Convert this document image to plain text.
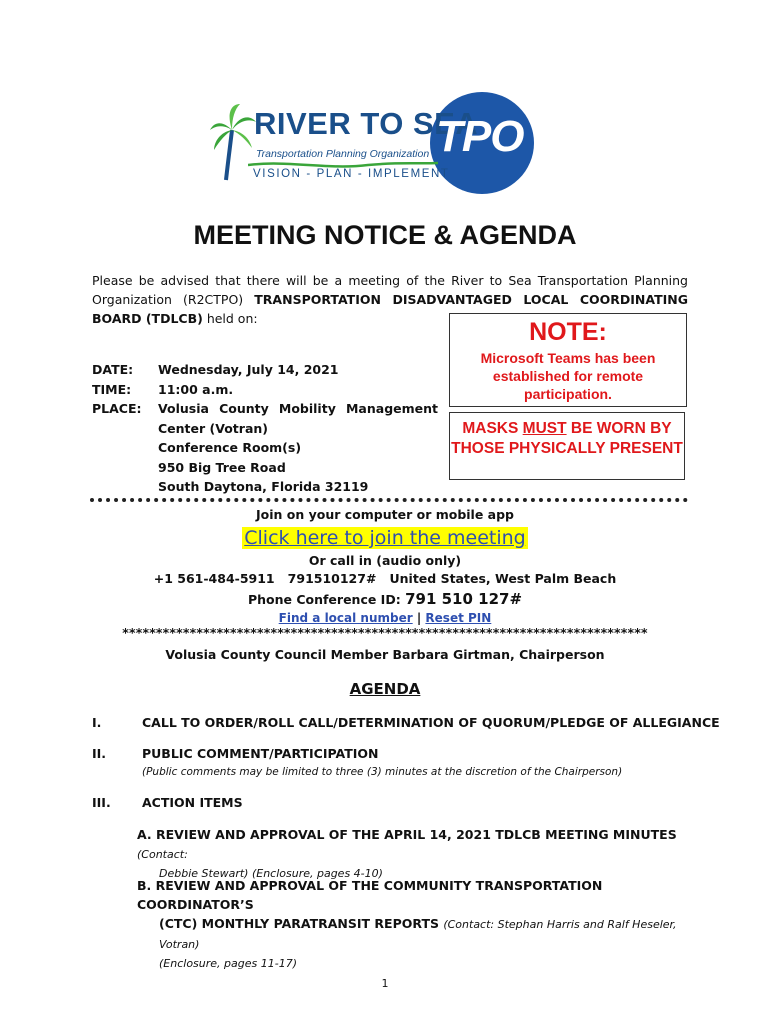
RIVER TO SEA
Transportation Planning Organization
VISION - PLAN - IMPLEMENT
TPO
MEETING NOTICE & AGENDA
Please be advised that there will be a meeting of the River to Sea Transportation Planning Organization (R2CTPO) TRANSPORTATION DISADVANTAGED LOCAL COORDINATING BOARD (TDLCB) held on:
DATE:	Wednesday, July 14, 2021
TIME:	11:00 a.m.
PLACE:	Volusia County Mobility Management
Center (Votran)
Conference Room(s)
950 Big Tree Road
South Daytona, Florida 32119
NOTE:
Microsoft Teams has been established for remote participation.
MASKS MUST BE WORN BY THOSE PHYSICALLY PRESENT
Join on your computer or mobile app
Click here to join the meeting
Or call in (audio only)
+1 561-484-5911   791510127#   United States, West Palm Beach
Phone Conference ID: 791 510 127#
Find a local number | Reset PIN
******************************************************************************
Volusia County Council Member Barbara Girtman, Chairperson
AGENDA
I.	CALL TO ORDER/ROLL CALL/DETERMINATION OF QUORUM/PLEDGE OF ALLEGIANCE
II.	PUBLIC COMMENT/PARTICIPATION
(Public comments may be limited to three (3) minutes at the discretion of the Chairperson)
III.	ACTION ITEMS
A. REVIEW AND APPROVAL OF THE APRIL 14, 2021 TDLCB MEETING MINUTES (Contact:
Debbie Stewart) (Enclosure, pages 4-10)
B. REVIEW AND APPROVAL OF THE COMMUNITY TRANSPORTATION COORDINATOR’S
(CTC) MONTHLY PARATRANSIT REPORTS (Contact: Stephan Harris and Ralf Heseler, Votran)
(Enclosure, pages 11-17)
1
